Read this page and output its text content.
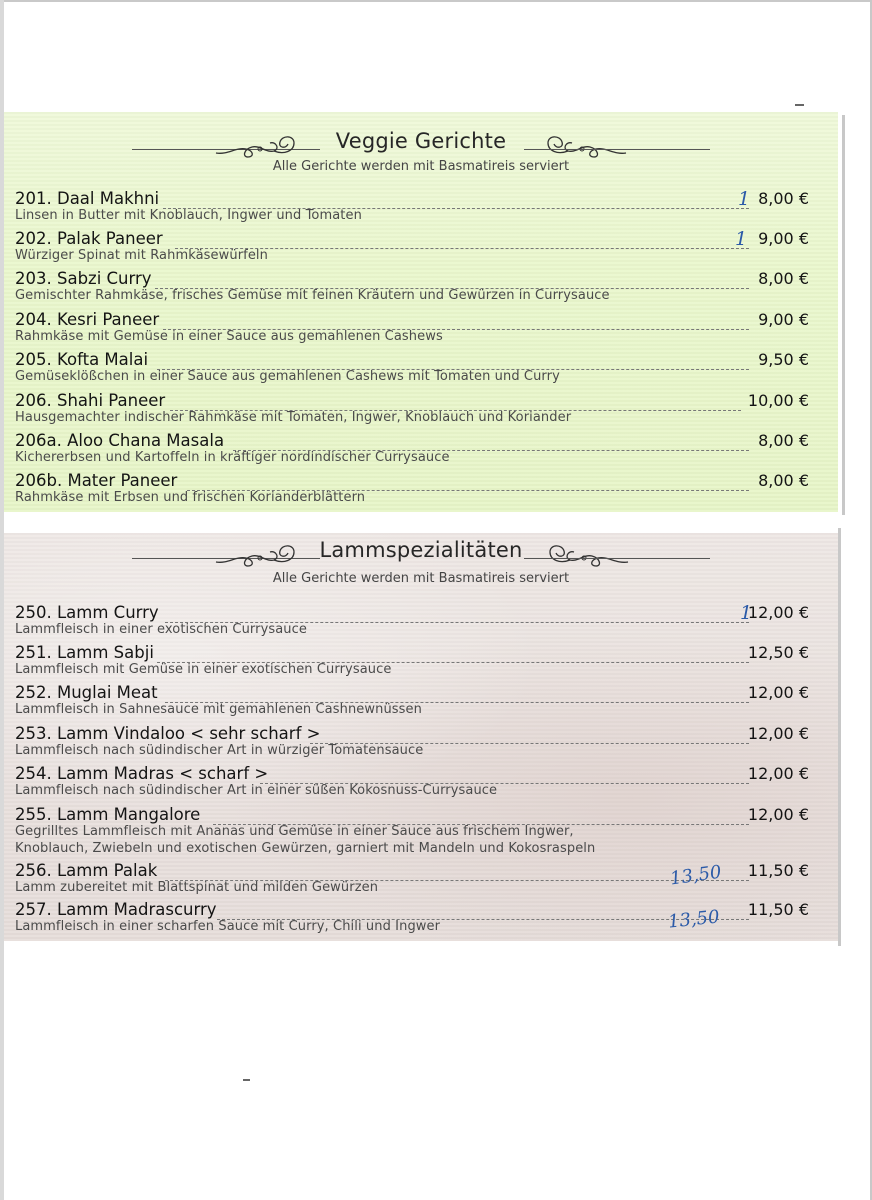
Veggie Gerichte
Alle Gerichte werden mit Basmatireis serviert
201. Daal Makhni	8,00 €
Linsen in Butter mit Knoblauch, Ingwer und Tomaten
202. Palak Paneer	9,00 €
Würziger Spinat mit Rahmkäsewürfeln
203. Sabzi Curry	8,00 €
Gemischter Rahmkäse, frisches Gemüse mit feinen Kräutern und Gewürzen in Currysauce
204. Kesri Paneer	9,00 €
Rahmkäse mit Gemüse in einer Sauce aus gemahlenen Cashews
205. Kofta Malai	9,50 €
Gemüseklößchen in einer Sauce aus gemahlenen Cashews mit Tomaten und Curry
206. Shahi Paneer	10,00 €
Hausgemachter indischer Rahmkäse mit Tomaten, Ingwer, Knoblauch und Koriander
206a. Aloo Chana Masala	8,00 €
Kichererbsen und Kartoffeln in kräftiger nordindischer Currysauce
206b. Mater Paneer	8,00 €
Rahmkäse mit Erbsen und frischen Korianderblättern
1
1
Lammspezialitäten
Alle Gerichte werden mit Basmatireis serviert
250. Lamm Curry	12,00 €
Lammfleisch in einer exotischen Currysauce
251. Lamm Sabji	12,50 €
Lammfleisch mit Gemüse in einer exotischen Currysauce
252. Muglai Meat	12,00 €
Lammfleisch in Sahnesauce mit gemahlenen Cashnewnüssen
253. Lamm Vindaloo < sehr scharf >	12,00 €
Lammfleisch nach südindischer Art in würziger Tomatensauce
254. Lamm Madras < scharf >	12,00 €
Lammfleisch nach südindischer Art in einer süßen Kokosnuss-Currysauce
255. Lamm Mangalore	12,00 €
Gegrilltes Lammfleisch mit Ananas und Gemüse in einer Sauce aus frischem Ingwer,
Knoblauch, Zwiebeln und exotischen Gewürzen, garniert mit Mandeln und Kokosraspeln
256. Lamm Palak	11,50 €
Lamm zubereitet mit Blattspinat und milden Gewürzen
257. Lamm Madrascurry	11,50 €
Lammfleisch in einer scharfen Sauce mit Curry, Chili und Ingwer
1
13,50
13,50
